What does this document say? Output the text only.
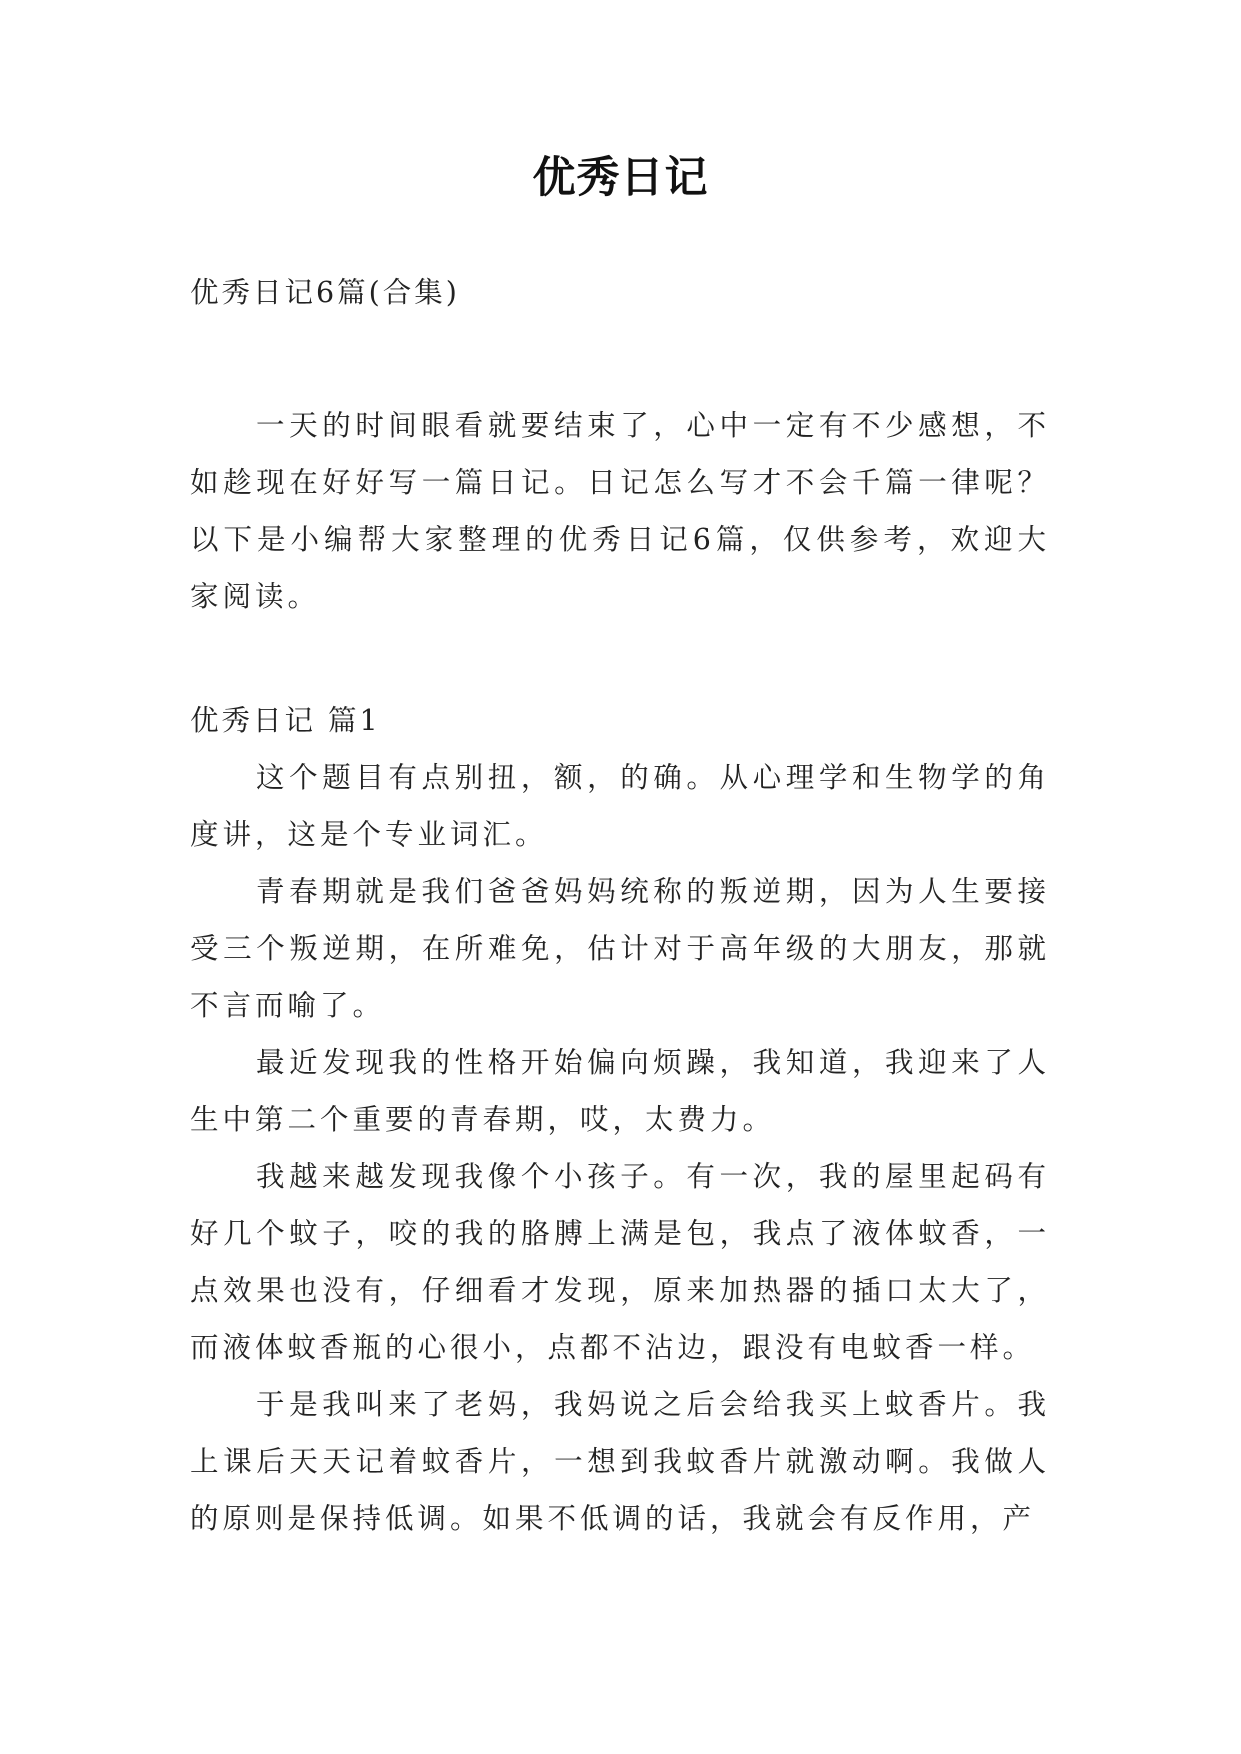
优秀日记

优秀日记6篇(合集)

一天的时间眼看就要结束了，心中一定有不少感想，不如趁现在好好写一篇日记。日记怎么写才不会千篇一律呢？以下是小编帮大家整理的优秀日记6篇，仅供参考，欢迎大家阅读。

优秀日记 篇1

这个题目有点别扭，额，的确。从心理学和生物学的角度讲，这是个专业词汇。

青春期就是我们爸爸妈妈统称的叛逆期，因为人生要接受三个叛逆期，在所难免，估计对于高年级的大朋友，那就不言而喻了。

最近发现我的性格开始偏向烦躁，我知道，我迎来了人生中第二个重要的青春期，哎，太费力。

我越来越发现我像个小孩子。有一次，我的屋里起码有好几个蚊子，咬的我的胳膊上满是包，我点了液体蚊香，一点效果也没有，仔细看才发现，原来加热器的插口太大了，而液体蚊香瓶的心很小，点都不沾边，跟没有电蚊香一样。

于是我叫来了老妈，我妈说之后会给我买上蚊香片。我上课后天天记着蚊香片，一想到我蚊香片就激动啊。我做人的原则是保持低调。如果不低调的话，我就会有反作用，产
